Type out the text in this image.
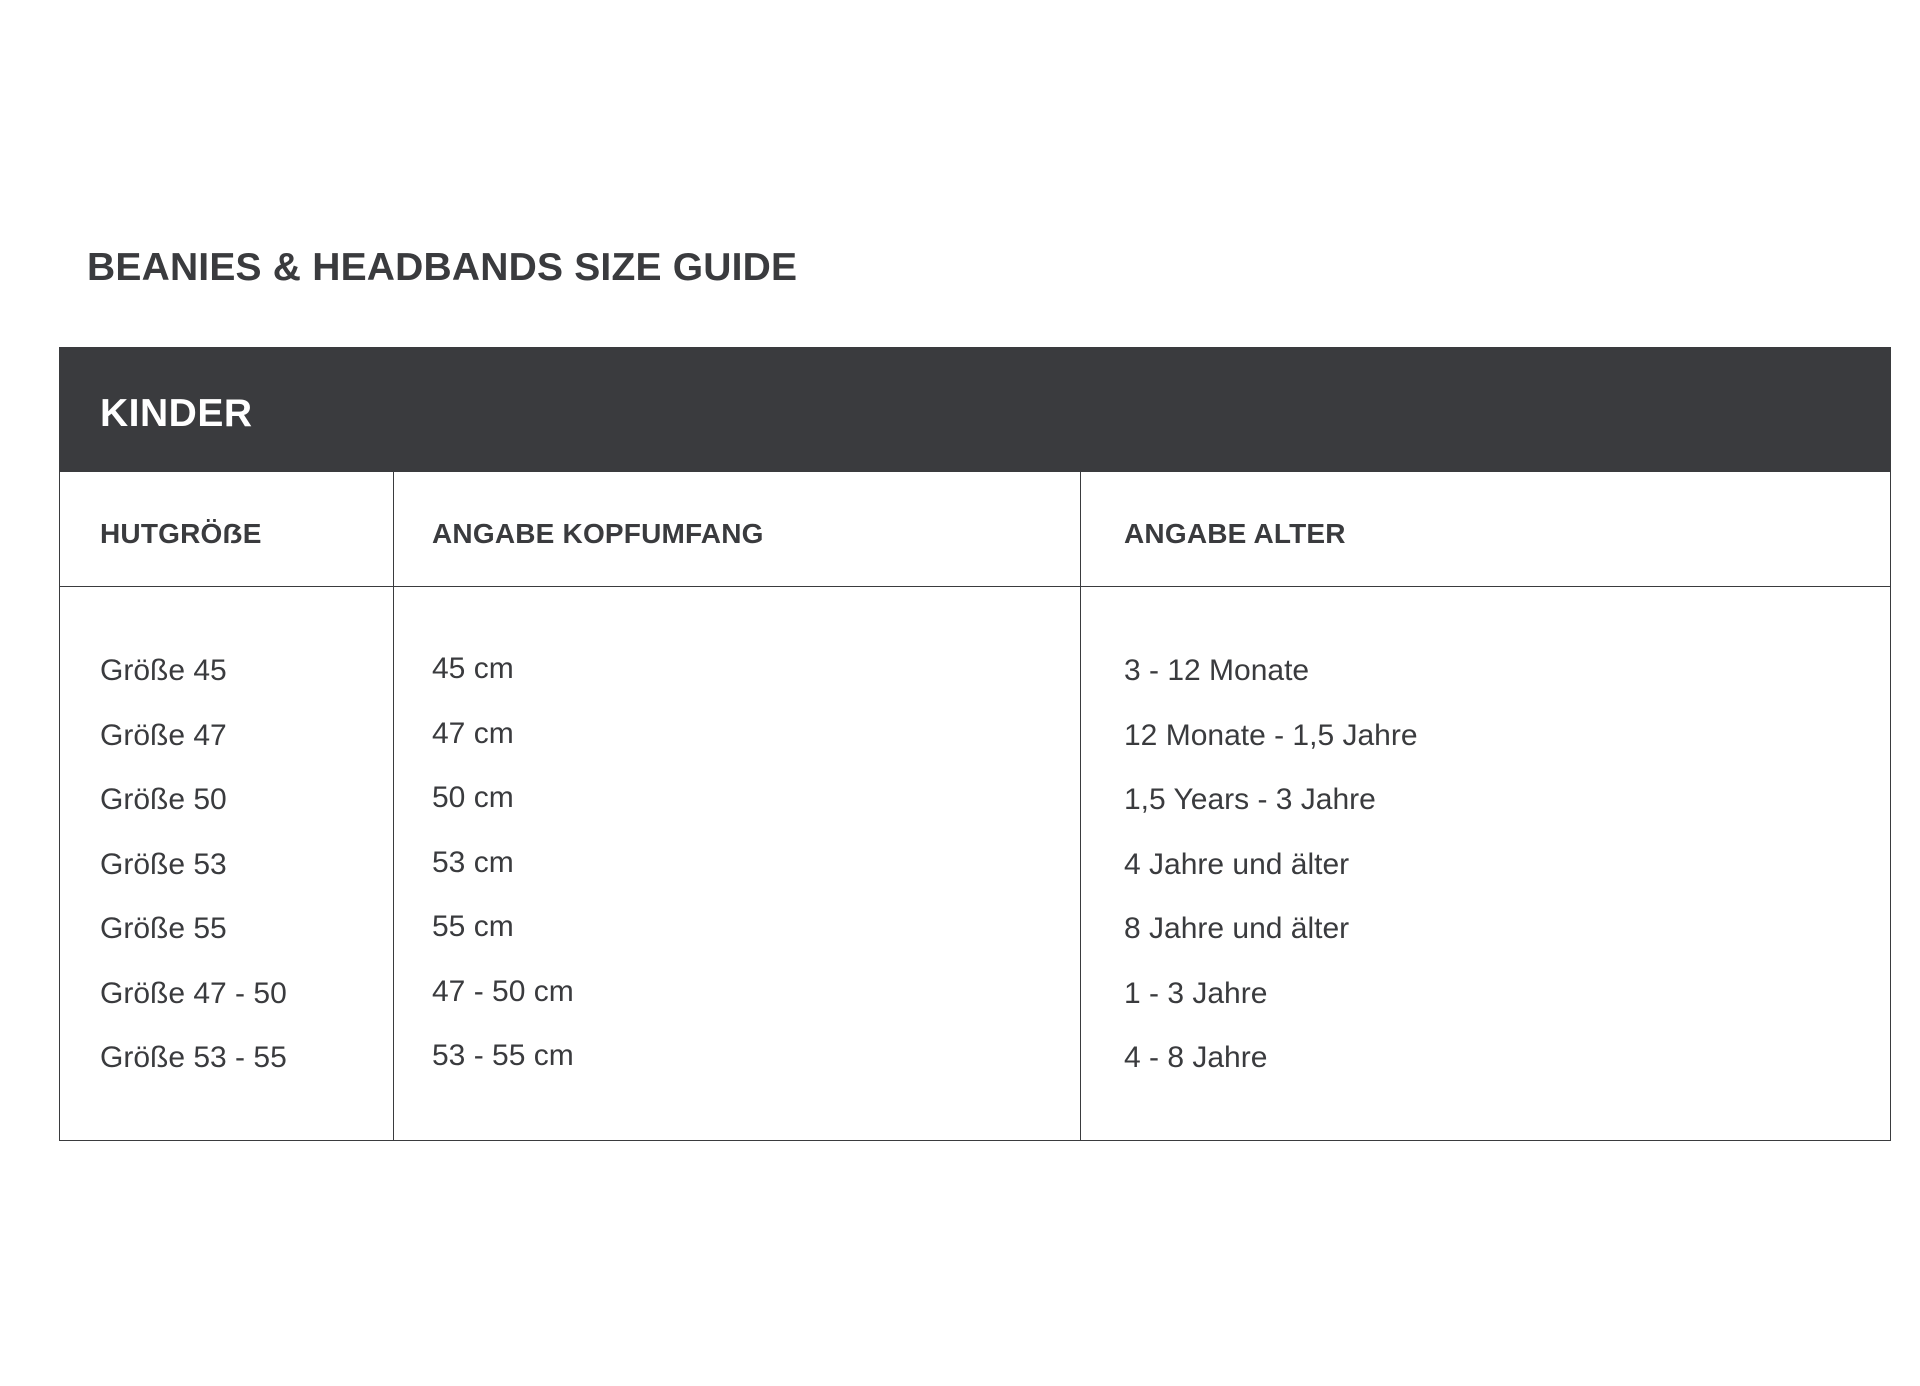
BEANIES & HEADBANDS SIZE GUIDE
KINDER
HUTGRÖẞE	ANGABE KOPFUMFANG	ANGABE ALTER
Größe 45
Größe 47
Größe 50
Größe 53
Größe 55
Größe 47 - 50
Größe 53 - 55
45 cm
47 cm
50 cm
53 cm
55 cm
47 - 50 cm
53 - 55 cm
3 - 12 Monate
12 Monate - 1,5 Jahre
1,5 Years - 3 Jahre
4 Jahre und älter
8 Jahre und älter
1 - 3 Jahre
4 - 8 Jahre
